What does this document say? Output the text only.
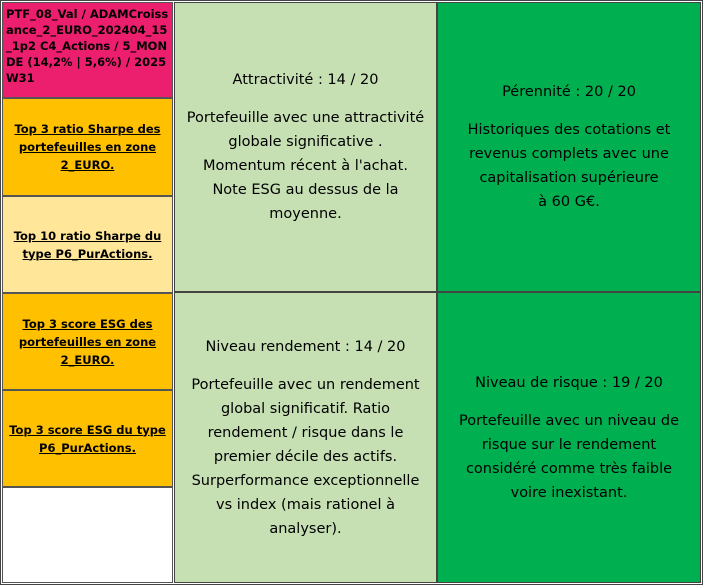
PTF_08_Val / ADAMCroissance_2_EURO_202404_15_1p2 C4_Actions / 5_MONDE (14,2% | 5,6%) / 2025W31
Top 3 ratio Sharpe des portefeuilles en zone 2_EURO.
Top 10 ratio Sharpe du type P6_PurActions.
Top 3 score ESG des portefeuilles en zone 2_EURO.
Top 3 score ESG du type P6_PurActions.
Attractivité : 14 / 20
Portefeuille avec une attractivité
globale significative .
Momentum récent à l'achat.
Note ESG au dessus de la
moyenne.
Pérennité : 20 / 20
Historiques des cotations et
revenus complets avec une
capitalisation supérieure
à 60 G€.
Niveau rendement : 14 / 20
Portefeuille avec un rendement
global significatif. Ratio
rendement / risque dans le
premier décile des actifs.
Surperformance exceptionnelle
vs index (mais rationel à
analyser).
Niveau de risque : 19 / 20
Portefeuille avec un niveau de
risque sur le rendement
considéré comme très faible
voire inexistant.
